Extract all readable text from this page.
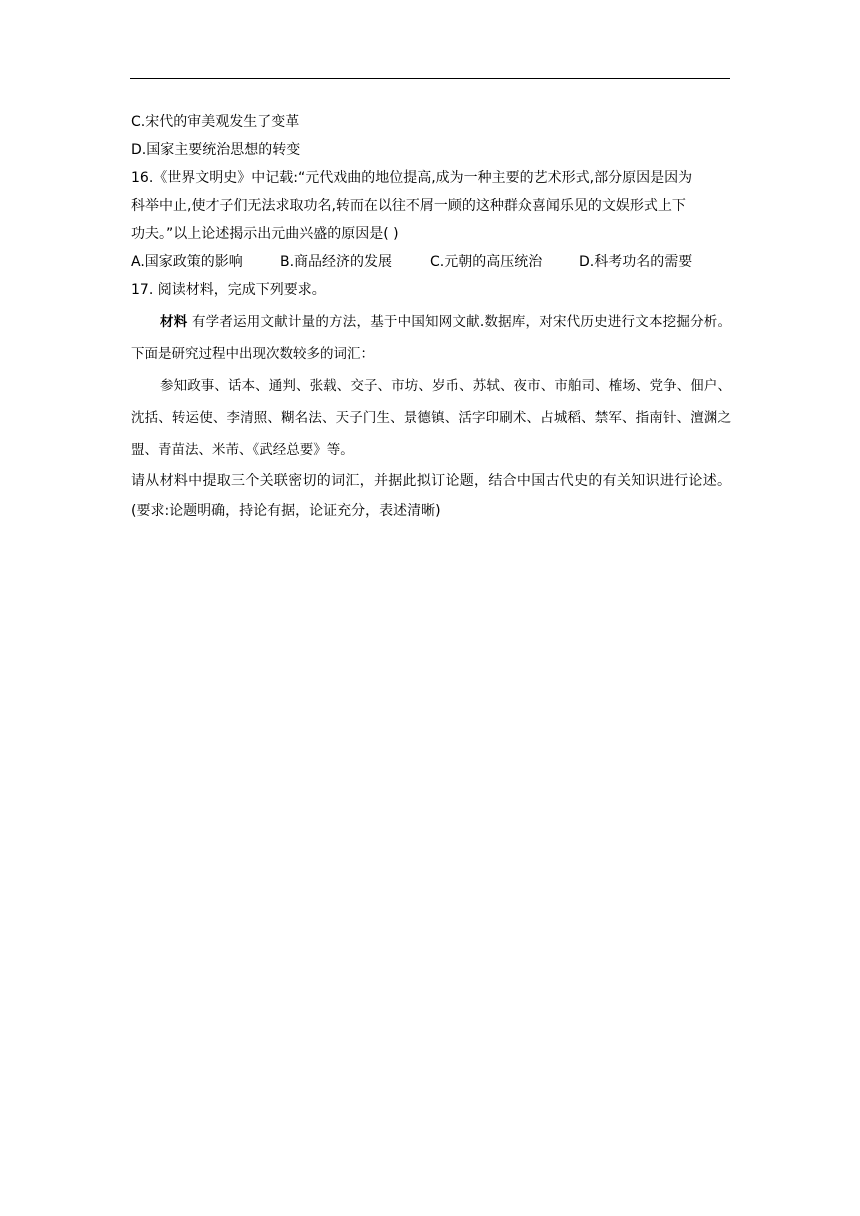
C.宋代的审美观发生了变革
D.国家主要统治思想的转变
16.《世界文明史》中记载:“元代戏曲的地位提高,成为一种主要的艺术形式,部分原因是因为
科举中止,使才子们无法求取功名,转而在以往不屑一顾的这种群众喜闻乐见的文娱形式上下
功夫。”以上论述揭示出元曲兴盛的原因是( )
A.国家政策的影响	B.商品经济的发展	C.元朝的高压统治	D.科考功名的需要
17. 阅读材料，完成下列要求。

材料 有学者运用文献计量的方法，基于中国知网文献.数据库，对宋代历史进行文本挖掘分析。下面是研究过程中出现次数较多的词汇：

参知政事、话本、通判、张载、交子、市坊、岁币、苏轼、夜市、市舶司、榷场、党争、佃户、沈括、转运使、李清照、糊名法、天子门生、景德镇、活字印刷术、占城稻、禁军、指南针、澶渊之盟、青苗法、米芾、《武经总要》等。

请从材料中提取三个关联密切的词汇，并据此拟订论题，结合中国古代史的有关知识进行论述。(要求:论题明确，持论有据，论证充分，表述清晰)
